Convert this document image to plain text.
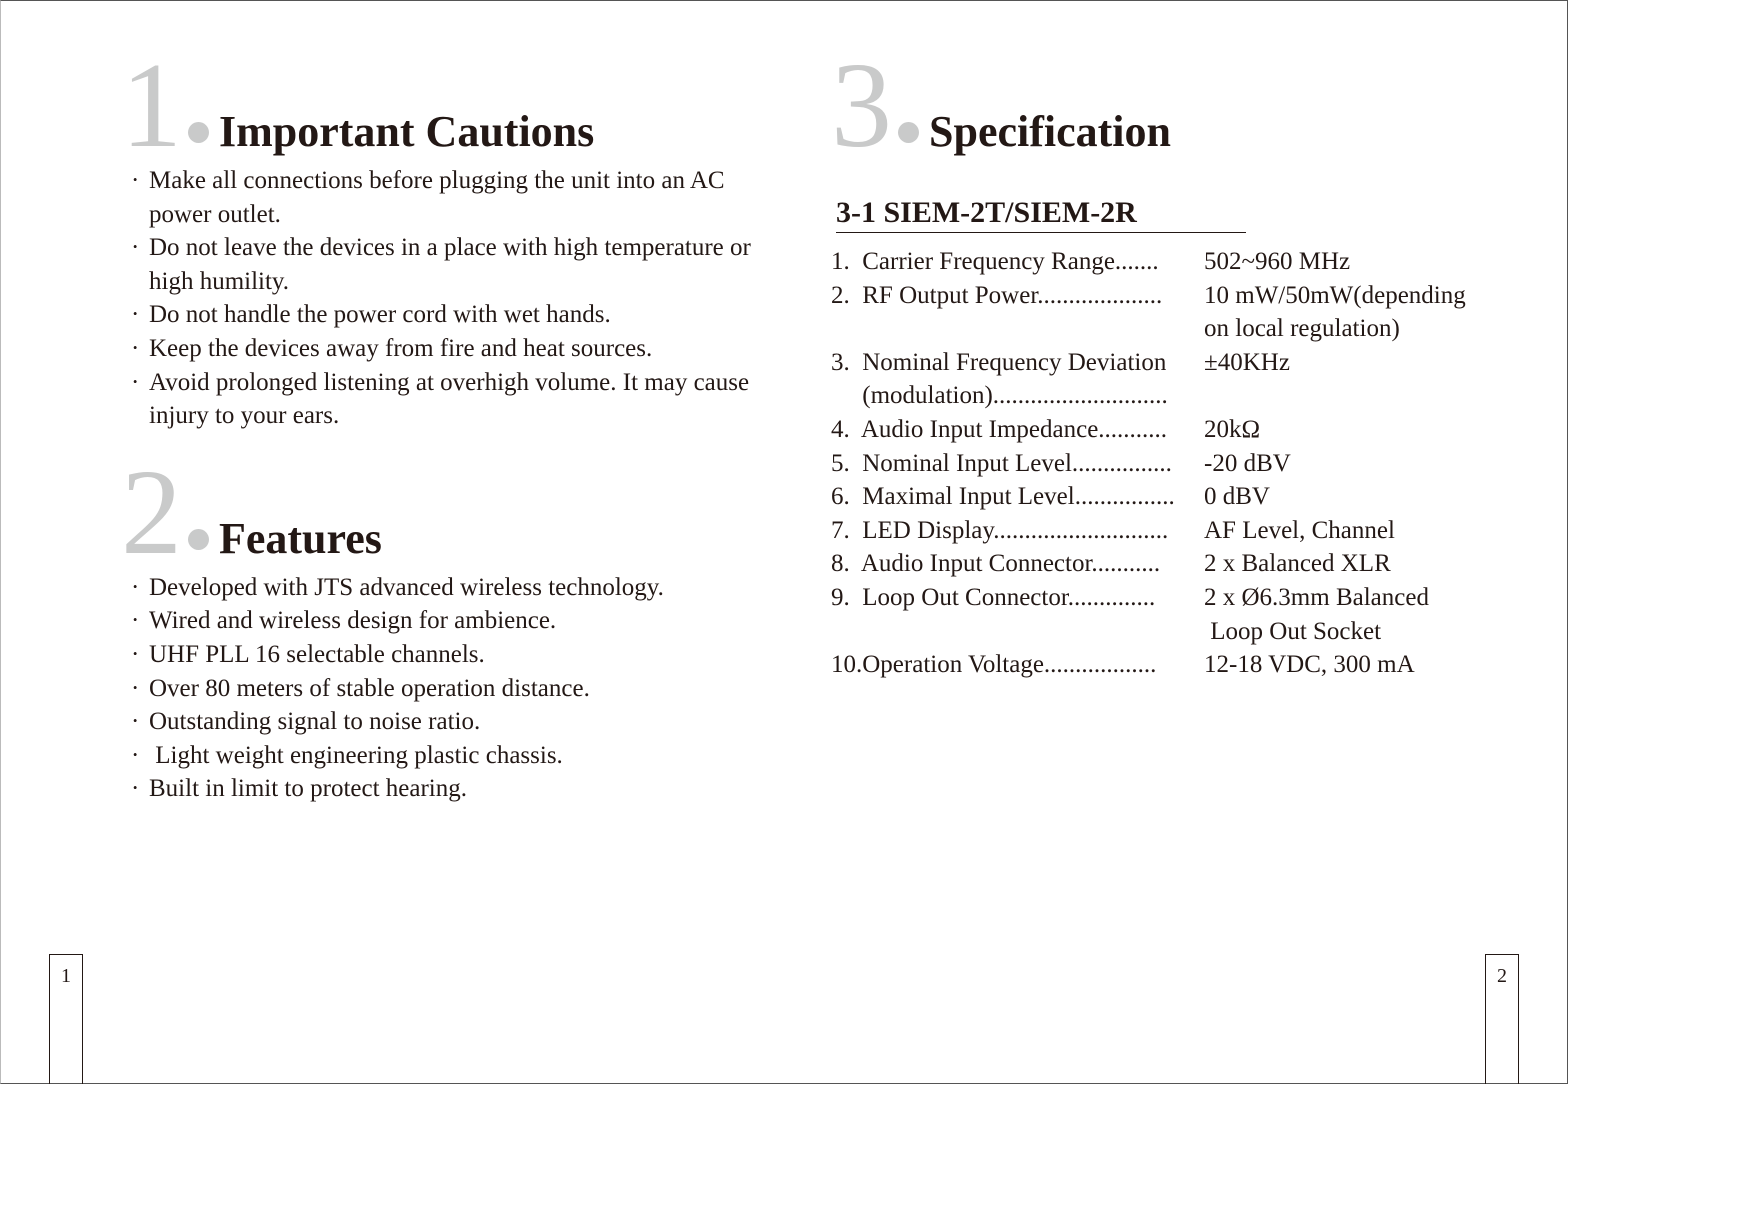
1 Important Cautions
· Make all connections before plugging the unit into an AC power outlet.
· Do not leave the devices in a place with high temperature or high humility.
· Do not handle the power cord with wet hands.
· Keep the devices away from fire and heat sources.
· Avoid prolonged listening at overhigh volume. It may cause injury to your ears.
2 Features
· Developed with JTS advanced wireless technology.
· Wired and wireless design for ambience.
· UHF PLL 16 selectable channels.
· Over 80 meters of stable operation distance.
· Outstanding signal to noise ratio.
· Light weight engineering plastic chassis.
· Built in limit to protect hearing.
3 Specification
3-1 SIEM-2T/SIEM-2R
1.  Carrier Frequency Range.......	502~960 MHz
2.  RF Output Power....................	10 mW/50mW(depending
	on local regulation)
3.  Nominal Frequency Deviation	±40KHz
(modulation)............................	
4.  Audio Input Impedance...........	20kΩ
5.  Nominal Input Level................	-20 dBV
6.  Maximal Input Level................	0 dBV
7.  LED Display............................	AF Level, Channel
8.  Audio Input Connector...........	2 x Balanced XLR
9.  Loop Out Connector..............	2 x Ø6.3mm Balanced
	Loop Out Socket
10.Operation Voltage..................	12-18 VDC, 300 mA
1	2
